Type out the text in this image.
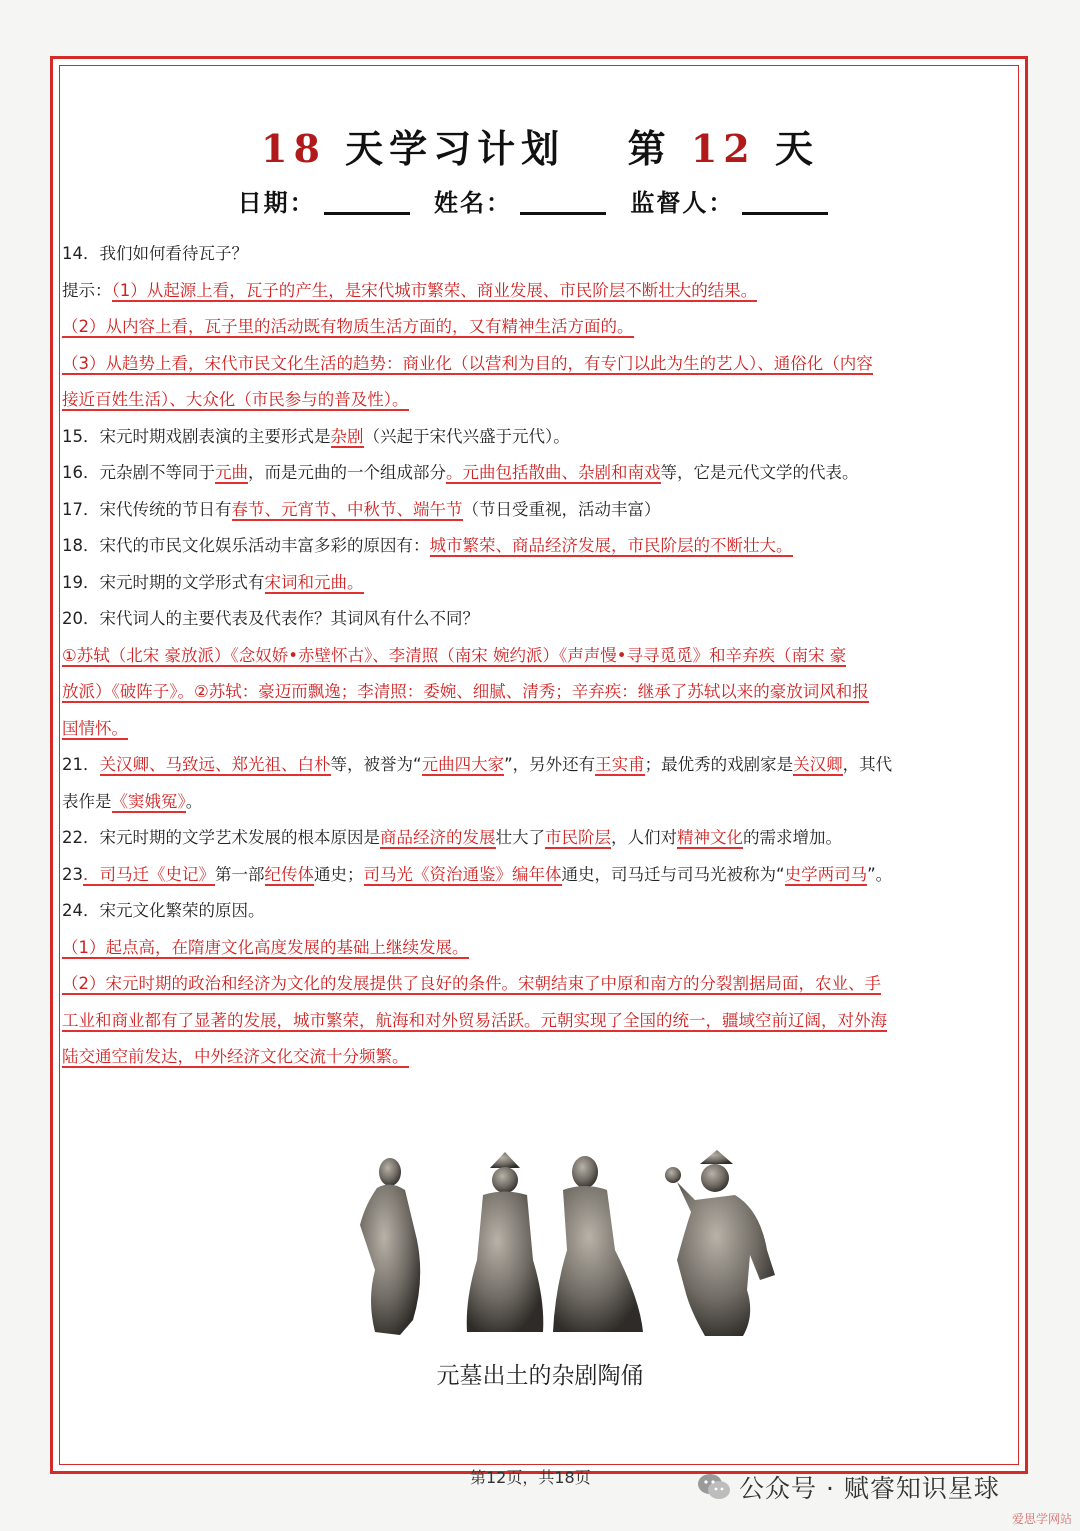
18 天学习计划 第 12 天
日期：	姓名：	监督人：
14．我们如何看待瓦子？
提示：（1）从起源上看，瓦子的产生，是宋代城市繁荣、商业发展、市民阶层不断壮大的结果。
（2）从内容上看，瓦子里的活动既有物质生活方面的，又有精神生活方面的。
（3）从趋势上看，宋代市民文化生活的趋势：商业化（以营利为目的，有专门以此为生的艺人）、通俗化（内容
接近百姓生活）、大众化（市民参与的普及性）。
15．宋元时期戏剧表演的主要形式是杂剧（兴起于宋代兴盛于元代）。
16．元杂剧不等同于元曲，而是元曲的一个组成部分。元曲包括散曲、杂剧和南戏等，它是元代文学的代表。
17．宋代传统的节日有春节、元宵节、中秋节、端午节（节日受重视，活动丰富）
18．宋代的市民文化娱乐活动丰富多彩的原因有：城市繁荣、商品经济发展，市民阶层的不断壮大。
19．宋元时期的文学形式有宋词和元曲。
20．宋代词人的主要代表及代表作？其词风有什么不同？
①苏轼（北宋 豪放派）《念奴娇•赤壁怀古》、李清照（南宋 婉约派）《声声慢•寻寻觅觅》和辛弃疾（南宋 豪
放派）《破阵子》。②苏轼：豪迈而飘逸；李清照：委婉、细腻、清秀；辛弃疾：继承了苏轼以来的豪放词风和报
国情怀。
21．关汉卿、马致远、郑光祖、白朴等，被誉为“元曲四大家”，另外还有王实甫；最优秀的戏剧家是关汉卿，其代
表作是《窦娥冤》。
22．宋元时期的文学艺术发展的根本原因是商品经济的发展壮大了市民阶层，人们对精神文化的需求增加。
23．司马迁《史记》第一部纪传体通史；司马光《资治通鉴》编年体通史，司马迁与司马光被称为“史学两司马”。
24．宋元文化繁荣的原因。
（1）起点高，在隋唐文化高度发展的基础上继续发展。
（2）宋元时期的政治和经济为文化的发展提供了良好的条件。宋朝结束了中原和南方的分裂割据局面，农业、手
工业和商业都有了显著的发展，城市繁荣，航海和对外贸易活跃。元朝实现了全国的统一，疆域空前辽阔，对外海
陆交通空前发达，中外经济文化交流十分频繁。
元墓出土的杂剧陶俑
第12页，共18页	公众号 · 赋睿知识星球
爱思学网站
